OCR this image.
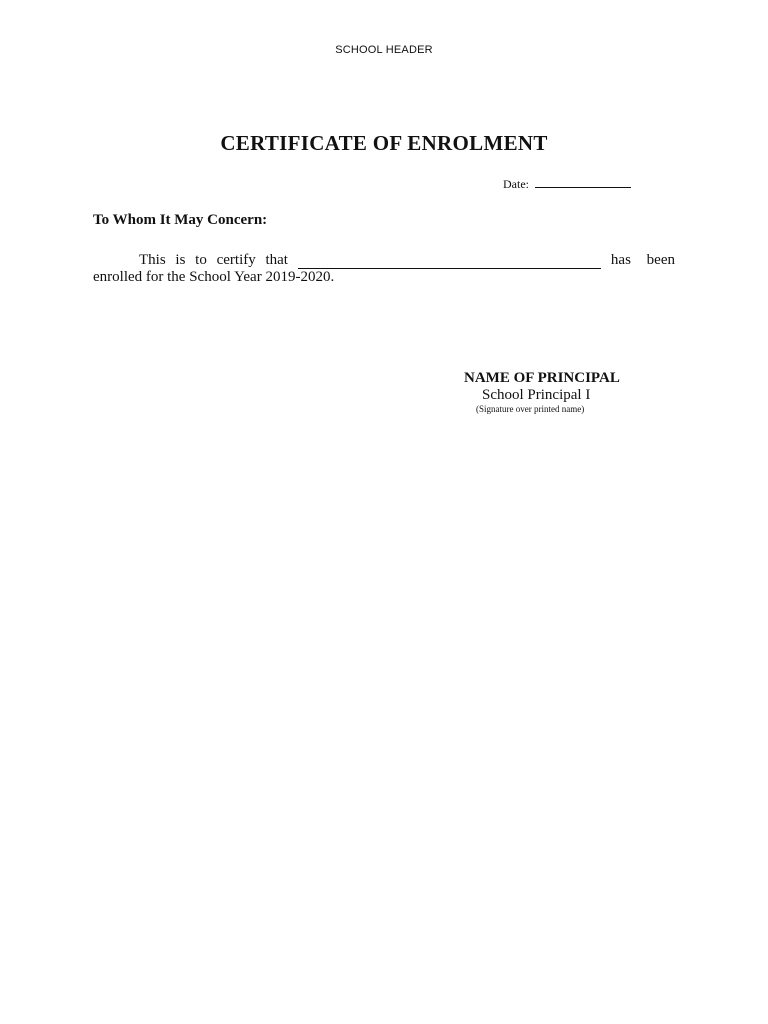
SCHOOL HEADER
CERTIFICATE OF ENROLMENT
Date:
To Whom It May Concern:
This is to certify that	has been
enrolled for the School Year 2019-2020.
NAME OF PRINCIPAL
School Principal I
(Signature over printed name)
